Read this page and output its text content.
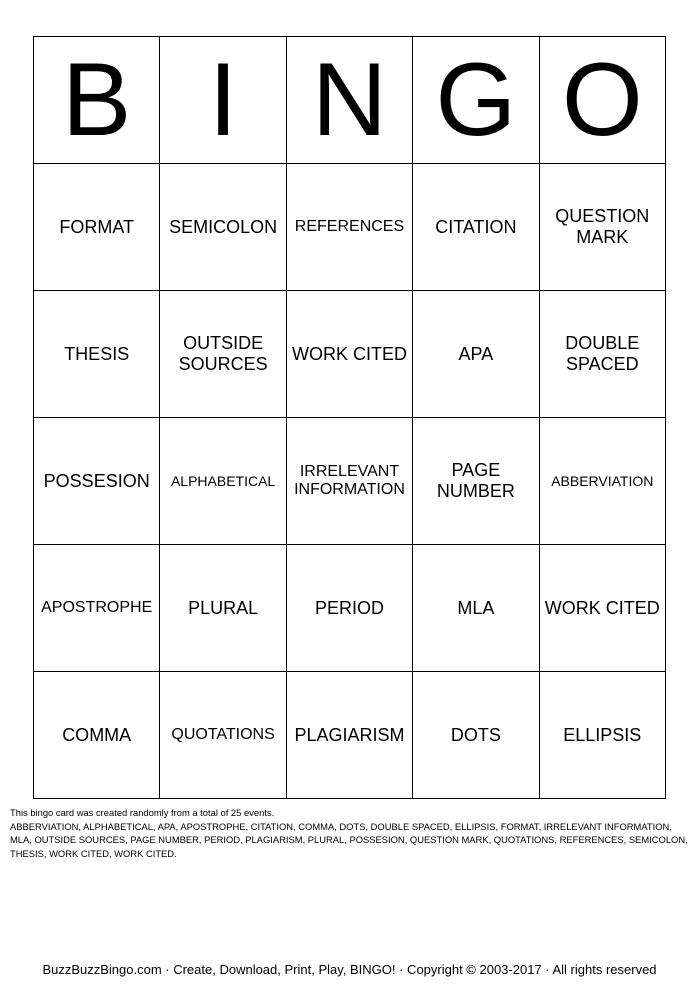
B	I	N	G	O
FORMAT	SEMICOLON	REFERENCES	CITATION	QUESTION MARK
THESIS	OUTSIDE SOURCES	WORK CITED	APA	DOUBLE SPACED
POSSESION	ALPHABETICAL	IRRELEVANT INFORMATION	PAGE NUMBER	ABBERVIATION
APOSTROPHE	PLURAL	PERIOD	MLA	WORK CITED
COMMA	QUOTATIONS	PLAGIARISM	DOTS	ELLIPSIS
This bingo card was created randomly from a total of 25 events.
ABBERVIATION, ALPHABETICAL, APA, APOSTROPHE, CITATION, COMMA, DOTS, DOUBLE SPACED, ELLIPSIS, FORMAT, IRRELEVANT INFORMATION, MLA, OUTSIDE SOURCES, PAGE NUMBER, PERIOD, PLAGIARISM, PLURAL, POSSESION, QUESTION MARK, QUOTATIONS, REFERENCES, SEMICOLON, THESIS, WORK CITED, WORK CITED.
BuzzBuzzBingo.com · Create, Download, Print, Play, BINGO! · Copyright © 2003-2017 · All rights reserved
